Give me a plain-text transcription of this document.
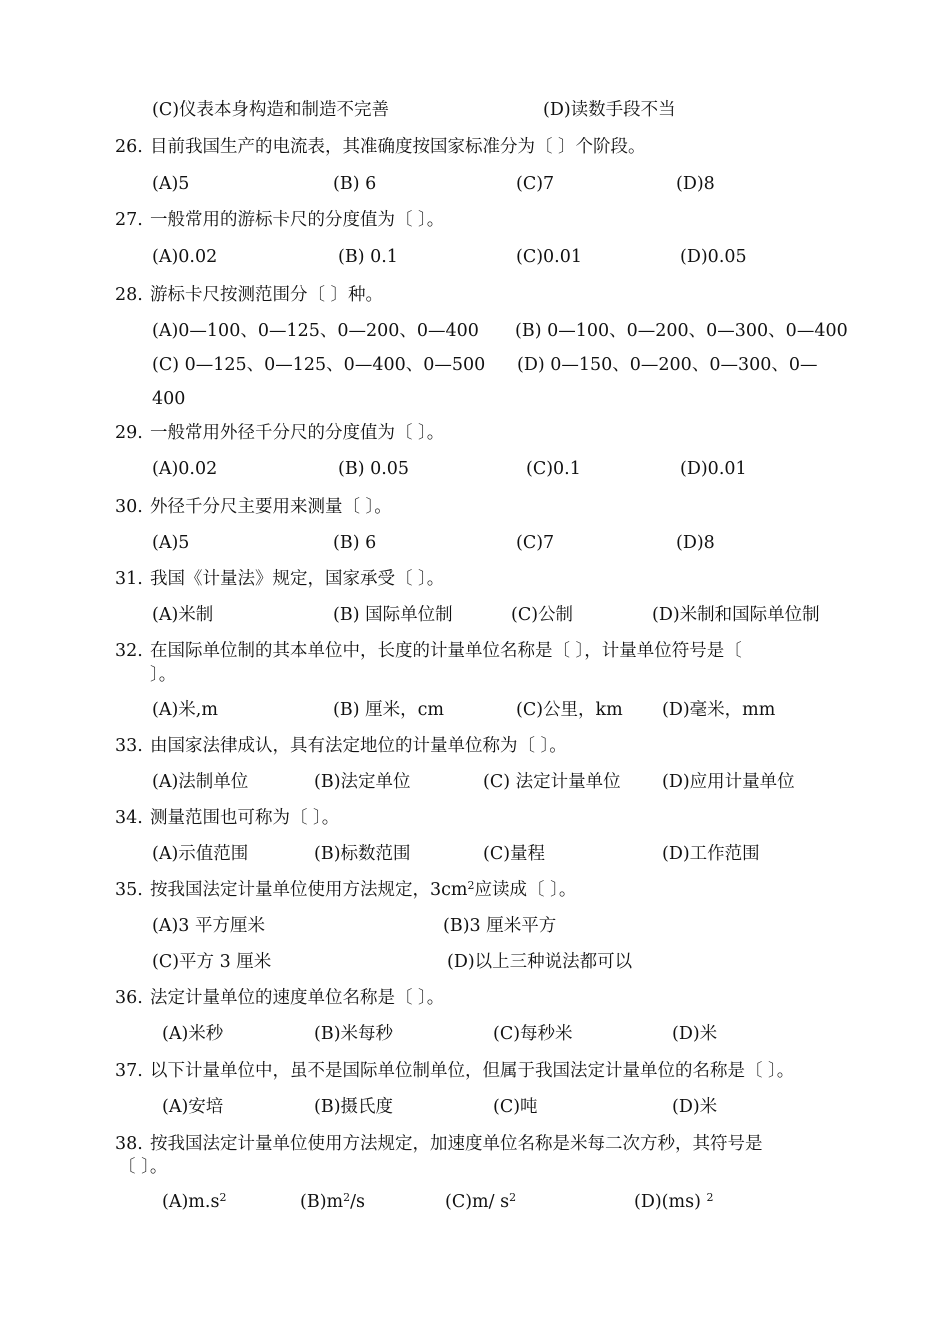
(C)仪表本身构造和制造不完善	(D)读数手段不当
26. 目前我国生产的电流表，其准确度按国家标准分为〔 〕个阶段。
(A)5	(B) 6	(C)7	(D)8
27. 一般常用的游标卡尺的分度值为〔 〕。
(A)0.02	(B) 0.1	(C)0.01	(D)0.05
28. 游标卡尺按测范围分〔 〕种。
(A)0—100、0—125、0—200、0—400 (B) 0—100、0—200、0—300、0—400
(C) 0—125、0—125、0—400、0—500 (D) 0—150、0—200、0—300、0—
400
29. 一般常用外径千分尺的分度值为〔 〕。
(A)0.02	(B) 0.05	(C)0.1	(D)0.01
30. 外径千分尺主要用来测量〔 〕。
(A)5	(B) 6	(C)7	(D)8
31. 我国《计量法》规定，国家承受〔 〕。
(A)米制	(B) 国际单位制	(C)公制	(D)米制和国际单位制
32. 在国际单位制的其本单位中，长度的计量单位名称是〔 〕，计量单位符号是〔
〕。
(A)米,m	(B) 厘米，cm	(C)公里，km (D)毫米，mm
33. 由国家法律成认，具有法定地位的计量单位称为〔 〕。
(A)法制单位	(B)法定单位	(C) 法定计量单位 (D)应用计量单位
34. 测量范围也可称为〔 〕。
(A)示值范围	(B)标数范围	(C)量程	(D)工作范围
35. 按我国法定计量单位使用方法规定，$3cm^2$应读成〔 〕。
(A)3 平方厘米	(B)3 厘米平方
(C)平方 3 厘米	(D)以上三种说法都可以
36. 法定计量单位的速度单位名称是〔 〕。
(A)米秒	(B)米每秒	(C)每秒米	(D)米
37. 以下计量单位中，虽不是国际单位制单位，但属于我国法定计量单位的名称是〔 〕。
(A)安培	(B)摄氏度	(C)吨	(D)米
38. 按我国法定计量单位使用方法规定，加速度单位名称是米每二次方秒，其符号是
〔 〕。
$(A)m.s^2$	$(B)m^2/s$	(C)m/ $s^2$	(D)(ms) $^2$
